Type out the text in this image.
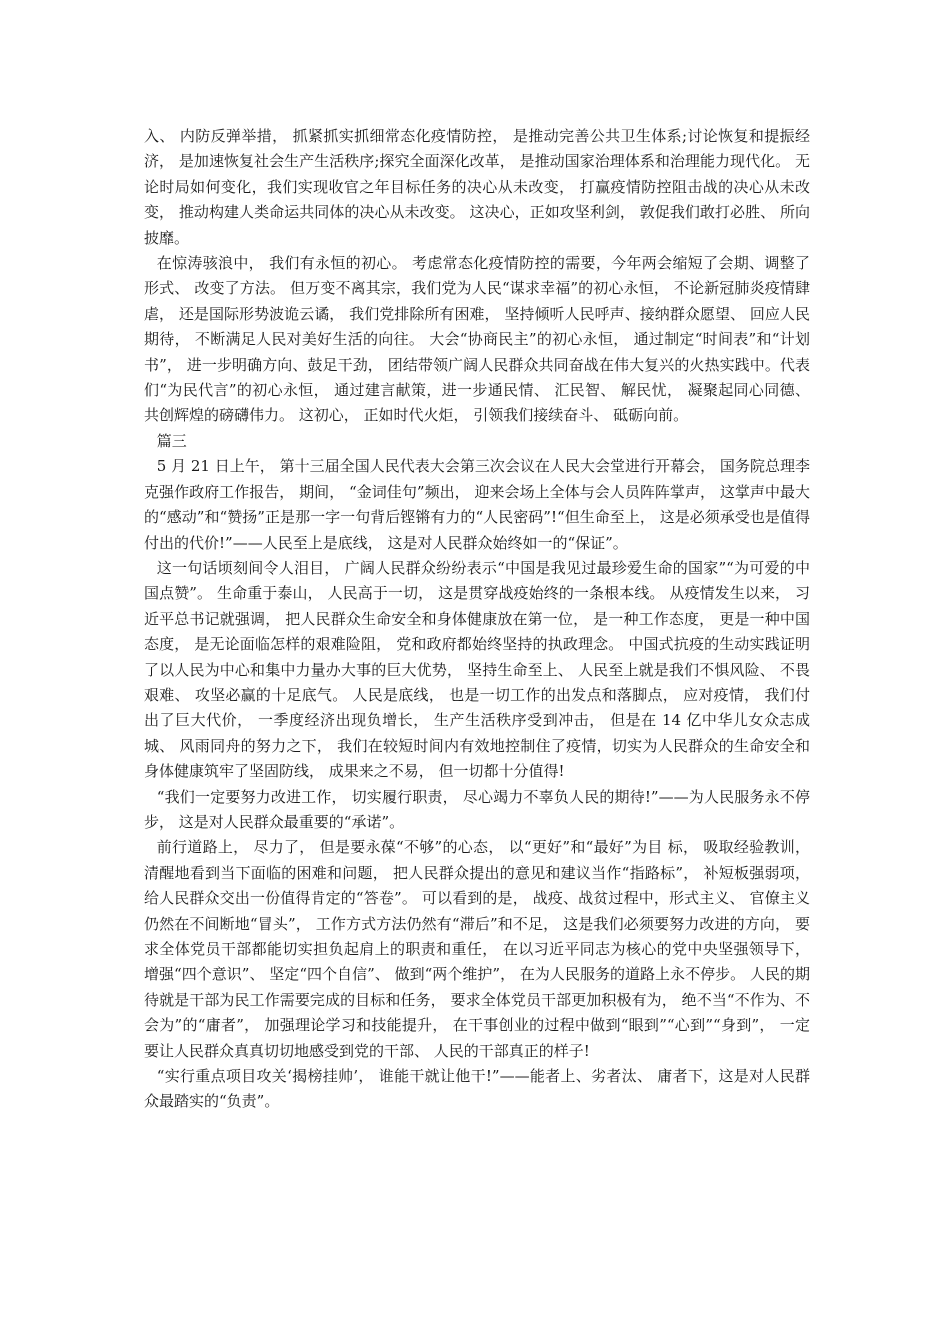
入、 内防反弹举措， 抓紧抓实抓细常态化疫情防控， 是推动完善公共卫生体系;讨论恢复和提振经济， 是加速恢复社会生产生活秩序;探究全面深化改革， 是推动国家治理体系和治理能力现代化。 无论时局如何变化，我们实现收官之年目标任务的决心从未改变， 打赢疫情防控阻击战的决心从未改变， 推动构建人类命运共同体的决心从未改变。 这决心，正如攻坚利剑， 敦促我们敢打必胜、 所向披靡。

在惊涛骇浪中， 我们有永恒的初心。 考虑常态化疫情防控的需要，今年两会缩短了会期、调整了形式、 改变了方法。 但万变不离其宗，我们党为人民“谋求幸福”的初心永恒， 不论新冠肺炎疫情肆虐， 还是国际形势波诡云谲， 我们党排除所有困难， 坚持倾听人民呼声、接纳群众愿望、 回应人民期待， 不断满足人民对美好生活的向往。 大会“协商民主”的初心永恒， 通过制定“时间表”和“计划书”， 进一步明确方向、鼓足干劲， 团结带领广阔人民群众共同奋战在伟大复兴的火热实践中。代表们“为民代言”的初心永恒， 通过建言献策，进一步通民情、 汇民智、 解民忧， 凝聚起同心同德、 共创辉煌的磅礴伟力。 这初心， 正如时代火炬， 引领我们接续奋斗、 砥砺向前。

篇三

5 月 21 日上午， 第十三届全国人民代表大会第三次会议在人民大会堂进行开幕会， 国务院总理李克强作政府工作报告， 期间， “金词佳句”频出， 迎来会场上全体与会人员阵阵掌声， 这掌声中最大的“感动”和“赞扬”正是那一字一句背后铿锵有力的“人民密码”!“但生命至上， 这是必须承受也是值得付出的代价!”——人民至上是底线， 这是对人民群众始终如一的“保证”。

这一句话顷刻间令人泪目， 广阔人民群众纷纷表示“中国是我见过最珍爱生命的国家”“为可爱的中国点赞”。 生命重于泰山， 人民高于一切， 这是贯穿战疫始终的一条根本线。 从疫情发生以来， 习近平总书记就强调， 把人民群众生命安全和身体健康放在第一位， 是一种工作态度， 更是一种中国态度， 是无论面临怎样的艰难险阻， 党和政府都始终坚持的执政理念。 中国式抗疫的生动实践证明了以人民为中心和集中力量办大事的巨大优势， 坚持生命至上、 人民至上就是我们不惧风险、 不畏艰难、 攻坚必赢的十足底气。 人民是底线， 也是一切工作的出发点和落脚点， 应对疫情， 我们付出了巨大代价， 一季度经济出现负增长， 生产生活秩序受到冲击， 但是在 14 亿中华儿女众志成城、 风雨同舟的努力之下， 我们在较短时间内有效地控制住了疫情，切实为人民群众的生命安全和身体健康筑牢了坚固防线， 成果来之不易， 但一切都十分值得!

“我们一定要努力改进工作， 切实履行职责， 尽心竭力不辜负人民的期待!”——为人民服务永不停步， 这是对人民群众最重要的“承诺”。

前行道路上， 尽力了， 但是要永葆“不够”的心态， 以“更好”和“最好”为目 标， 吸取经验教训， 清醒地看到当下面临的困难和问题， 把人民群众提出的意见和建议当作“指路标”， 补短板强弱项， 给人民群众交出一份值得肯定的“答卷”。 可以看到的是， 战疫、战贫过程中，形式主义、 官僚主义仍然在不间断地“冒头”， 工作方式方法仍然有“滞后”和不足， 这是我们必须要努力改进的方向， 要求全体党员干部都能切实担负起肩上的职责和重任， 在以习近平同志为核心的党中央坚强领导下， 增强“四个意识”、 坚定“四个自信”、 做到“两个维护”， 在为人民服务的道路上永不停步。 人民的期待就是干部为民工作需要完成的目标和任务， 要求全体党员干部更加积极有为， 绝不当“不作为、不会为”的“庸者”， 加强理论学习和技能提升， 在干事创业的过程中做到“眼到”“心到”“身到”， 一定要让人民群众真真切切地感受到党的干部、 人民的干部真正的样子!

“实行重点项目攻关‘揭榜挂帅’， 谁能干就让他干!”——能者上、劣者汰、 庸者下，这是对人民群众最踏实的“负责”。
